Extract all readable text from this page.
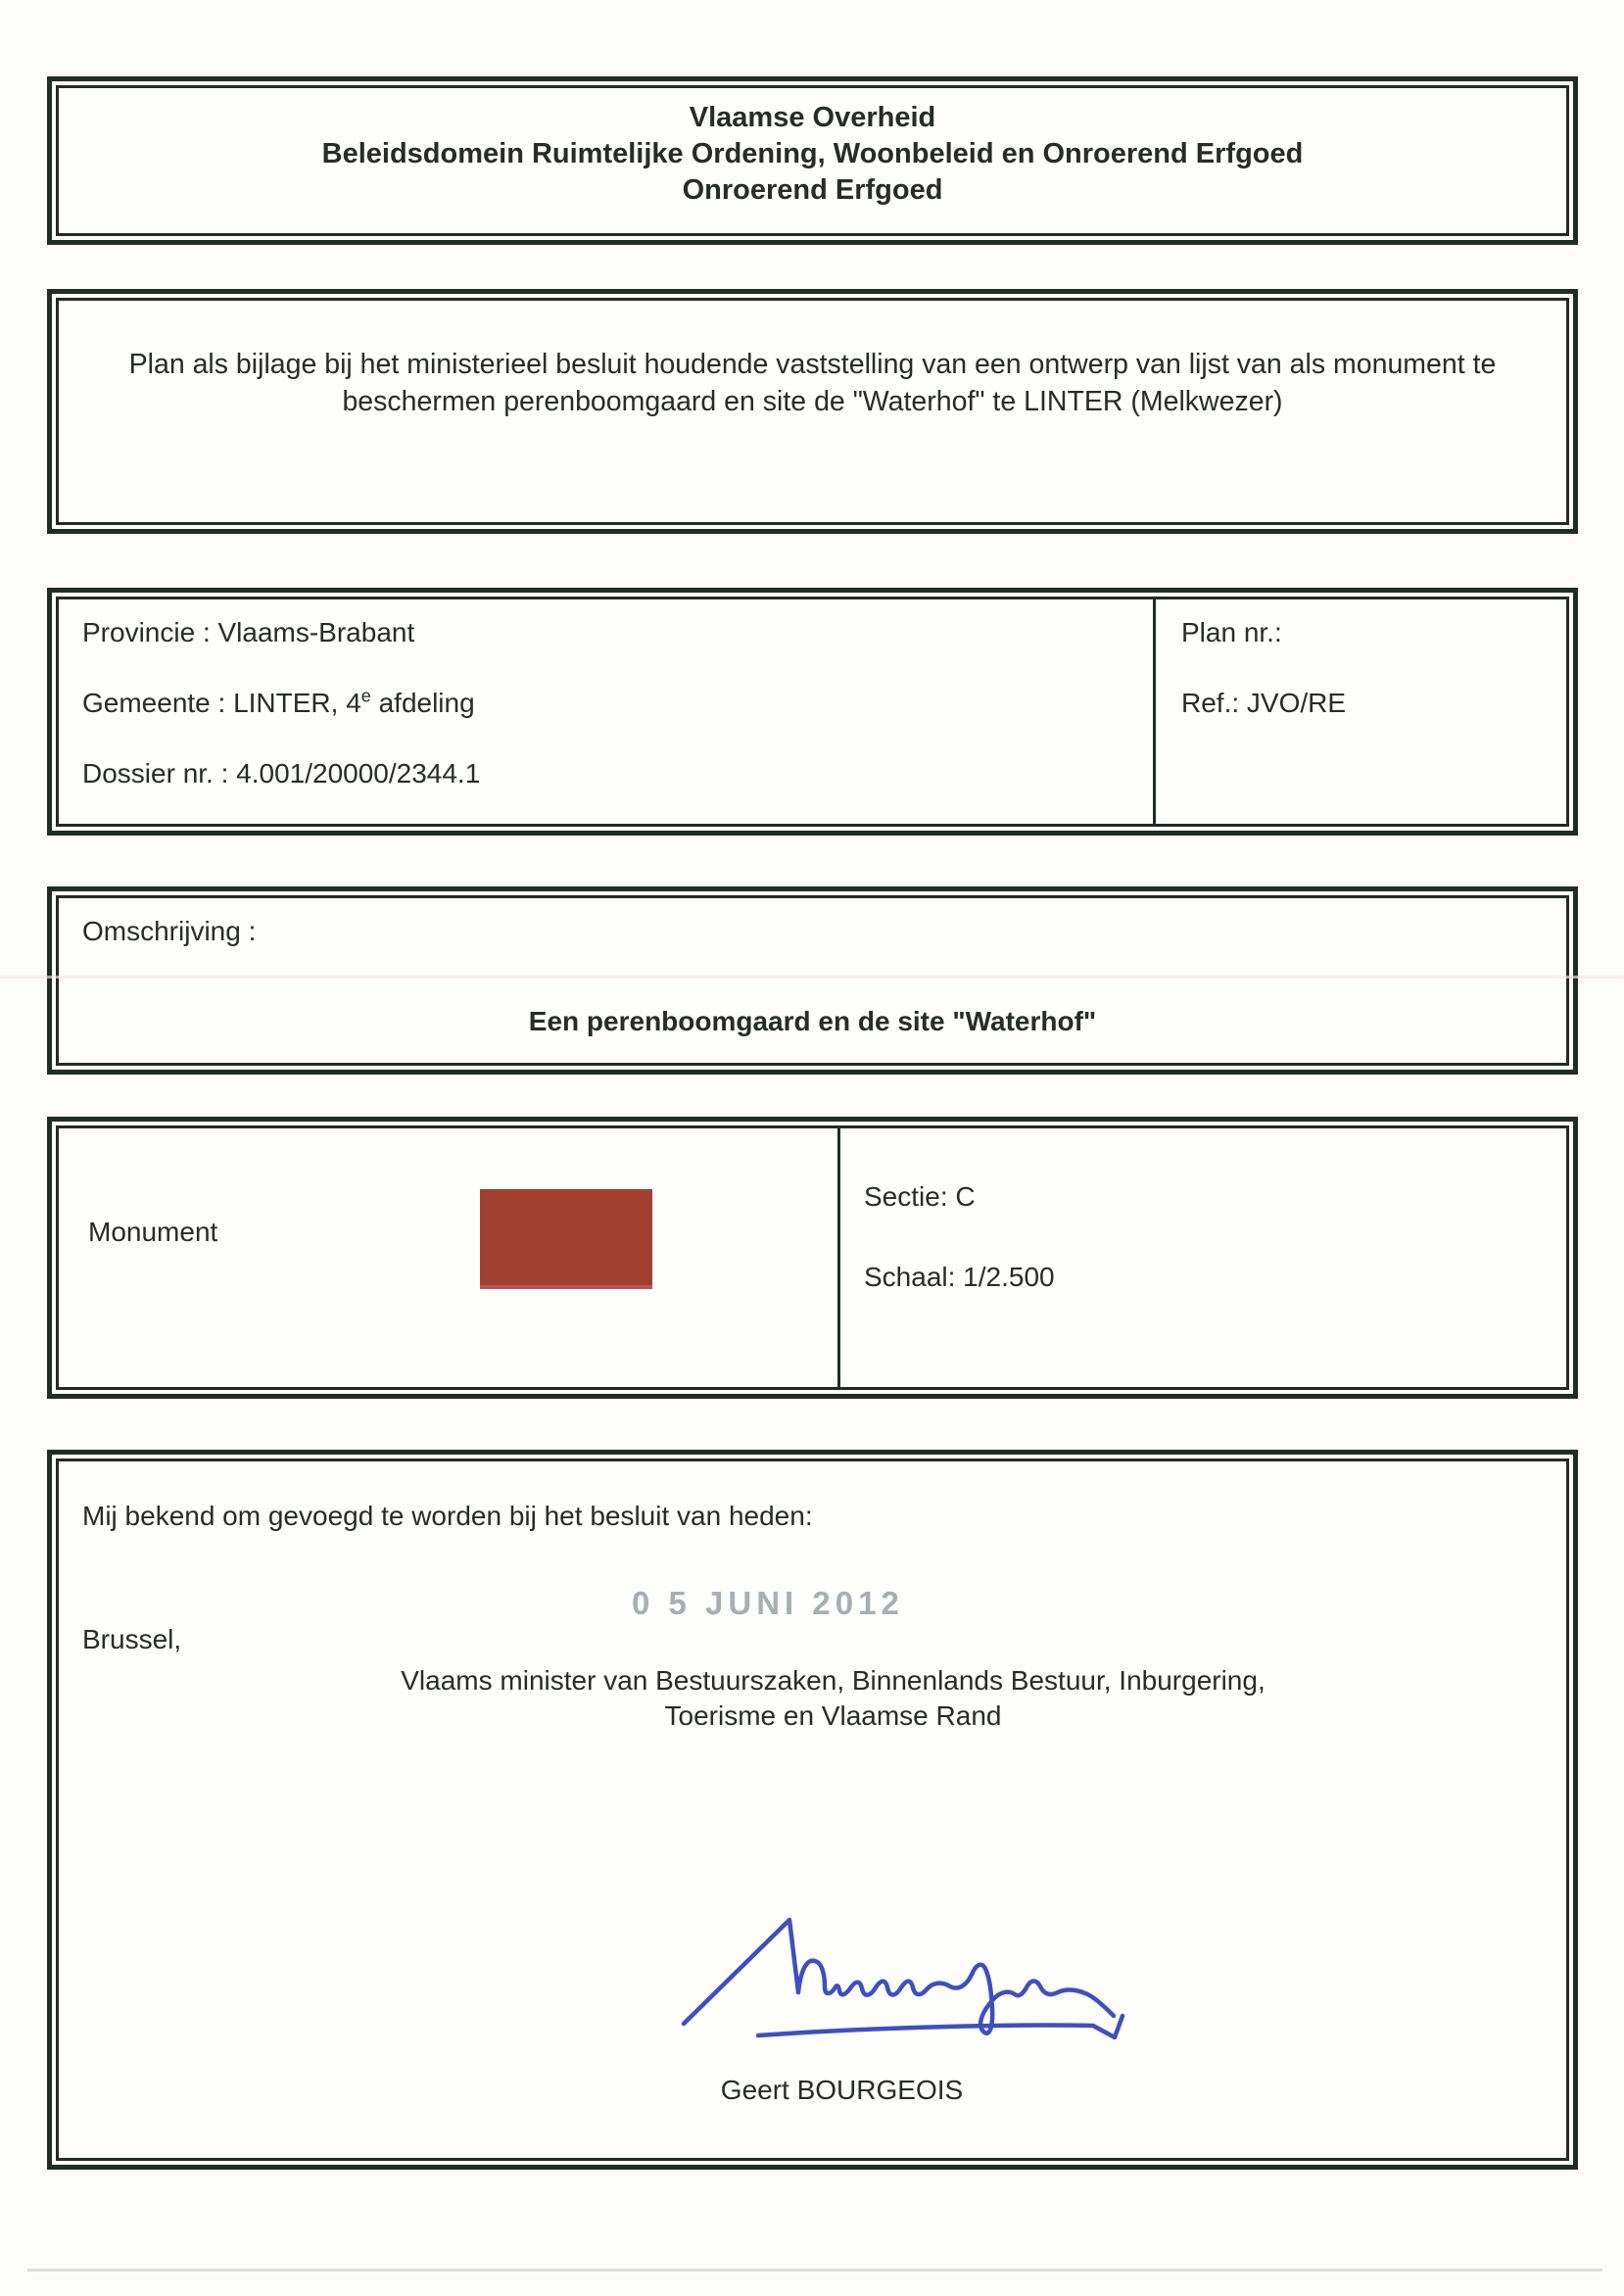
Vlaamse Overheid
Beleidsdomein Ruimtelijke Ordening, Woonbeleid en Onroerend Erfgoed
Onroerend Erfgoed

Plan als bijlage bij het ministerieel besluit houdende vaststelling van een ontwerp van lijst van als monument te beschermen perenboomgaard en site de "Waterhof" te LINTER (Melkwezer)

Provincie : Vlaams-Brabant
Gemeente : LINTER, 4e afdeling
Dossier nr. : 4.001/20000/2344.1
Plan nr.:
Ref.: JVO/RE
Omschrijving :
Een perenboomgaard en de site "Waterhof"
Monument
Sectie: C
Schaal: 1/2.500
Mij bekend om gevoegd te worden bij het besluit van heden:
0 5 JUNI 2012
Brussel,
Vlaams minister van Bestuurszaken, Binnenlands Bestuur, Inburgering,
Toerisme en Vlaamse Rand
Geert BOURGEOIS
